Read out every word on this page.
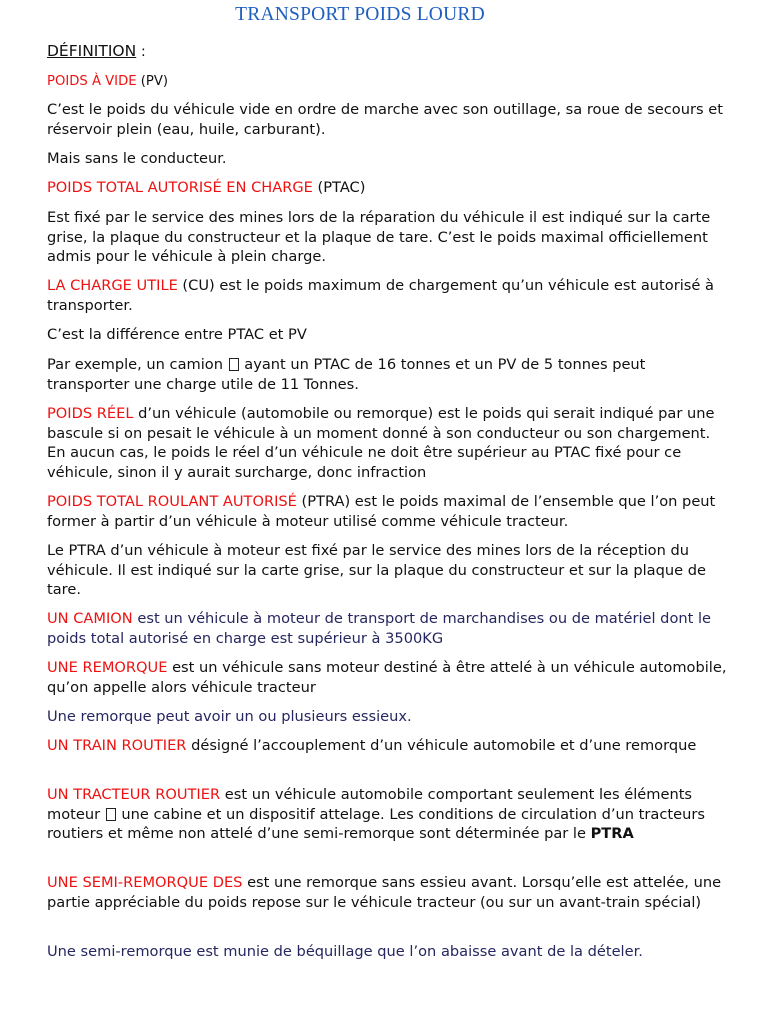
TRANSPORT POIDS LOURD

DÉFINITION :

POIDS À VIDE (PV)

C’est le poids du véhicule vide en ordre de marche avec son outillage, sa roue de secours et réservoir plein (eau, huile, carburant).

Mais sans le conducteur.

POIDS TOTAL AUTORISÉ EN CHARGE (PTAC)

Est fixé par le service des mines lors de la réparation du véhicule il est indiqué sur la carte grise, la plaque du constructeur et la plaque de tare. C’est le poids maximal officiellement admis pour le véhicule à plein charge.

LA CHARGE UTILE (CU) est le poids maximum de chargement qu’un véhicule est autorisé à transporter.

C’est la différence entre PTAC et PV

Par exemple, un camion  ayant un PTAC de 16 tonnes et un PV de 5 tonnes peut transporter une charge utile de 11 Tonnes.

POIDS RÉEL d’un véhicule (automobile ou remorque) est le poids qui serait indiqué par une bascule si on pesait le véhicule à un moment donné à son conducteur ou son chargement. En aucun cas, le poids le réel d’un véhicule ne doit être supérieur au PTAC fixé pour ce véhicule, sinon il y aurait surcharge, donc infraction

POIDS TOTAL ROULANT AUTORISÉ (PTRA) est le poids maximal de l’ensemble que l’on peut former à partir d’un véhicule à moteur utilisé comme véhicule tracteur.

Le PTRA d’un véhicule à moteur est fixé par le service des mines lors de la réception du véhicule. Il est indiqué sur la carte grise, sur la plaque du constructeur et sur la plaque de tare.

UN CAMION est un véhicule à moteur de transport de marchandises ou de matériel dont le poids total autorisé en charge est supérieur à 3500KG

UNE REMORQUE est un véhicule sans moteur destiné à être attelé à un véhicule automobile, qu’on appelle alors véhicule tracteur

Une remorque peut avoir un ou plusieurs essieux.

UN TRAIN ROUTIER désigné l’accouplement d’un véhicule automobile et d’une remorque

UN TRACTEUR ROUTIER est un véhicule automobile comportant seulement les éléments moteur  une cabine et un dispositif attelage. Les conditions de circulation d’un tracteurs routiers et même non attelé d’une semi-remorque sont déterminée par le PTRA

UNE SEMI-REMORQUE DES est une remorque sans essieu avant. Lorsqu’elle est attelée, une partie appréciable du poids repose sur le véhicule tracteur (ou sur un avant-train spécial)

Une semi-remorque est munie de béquillage que l’on abaisse avant de la dételer.
